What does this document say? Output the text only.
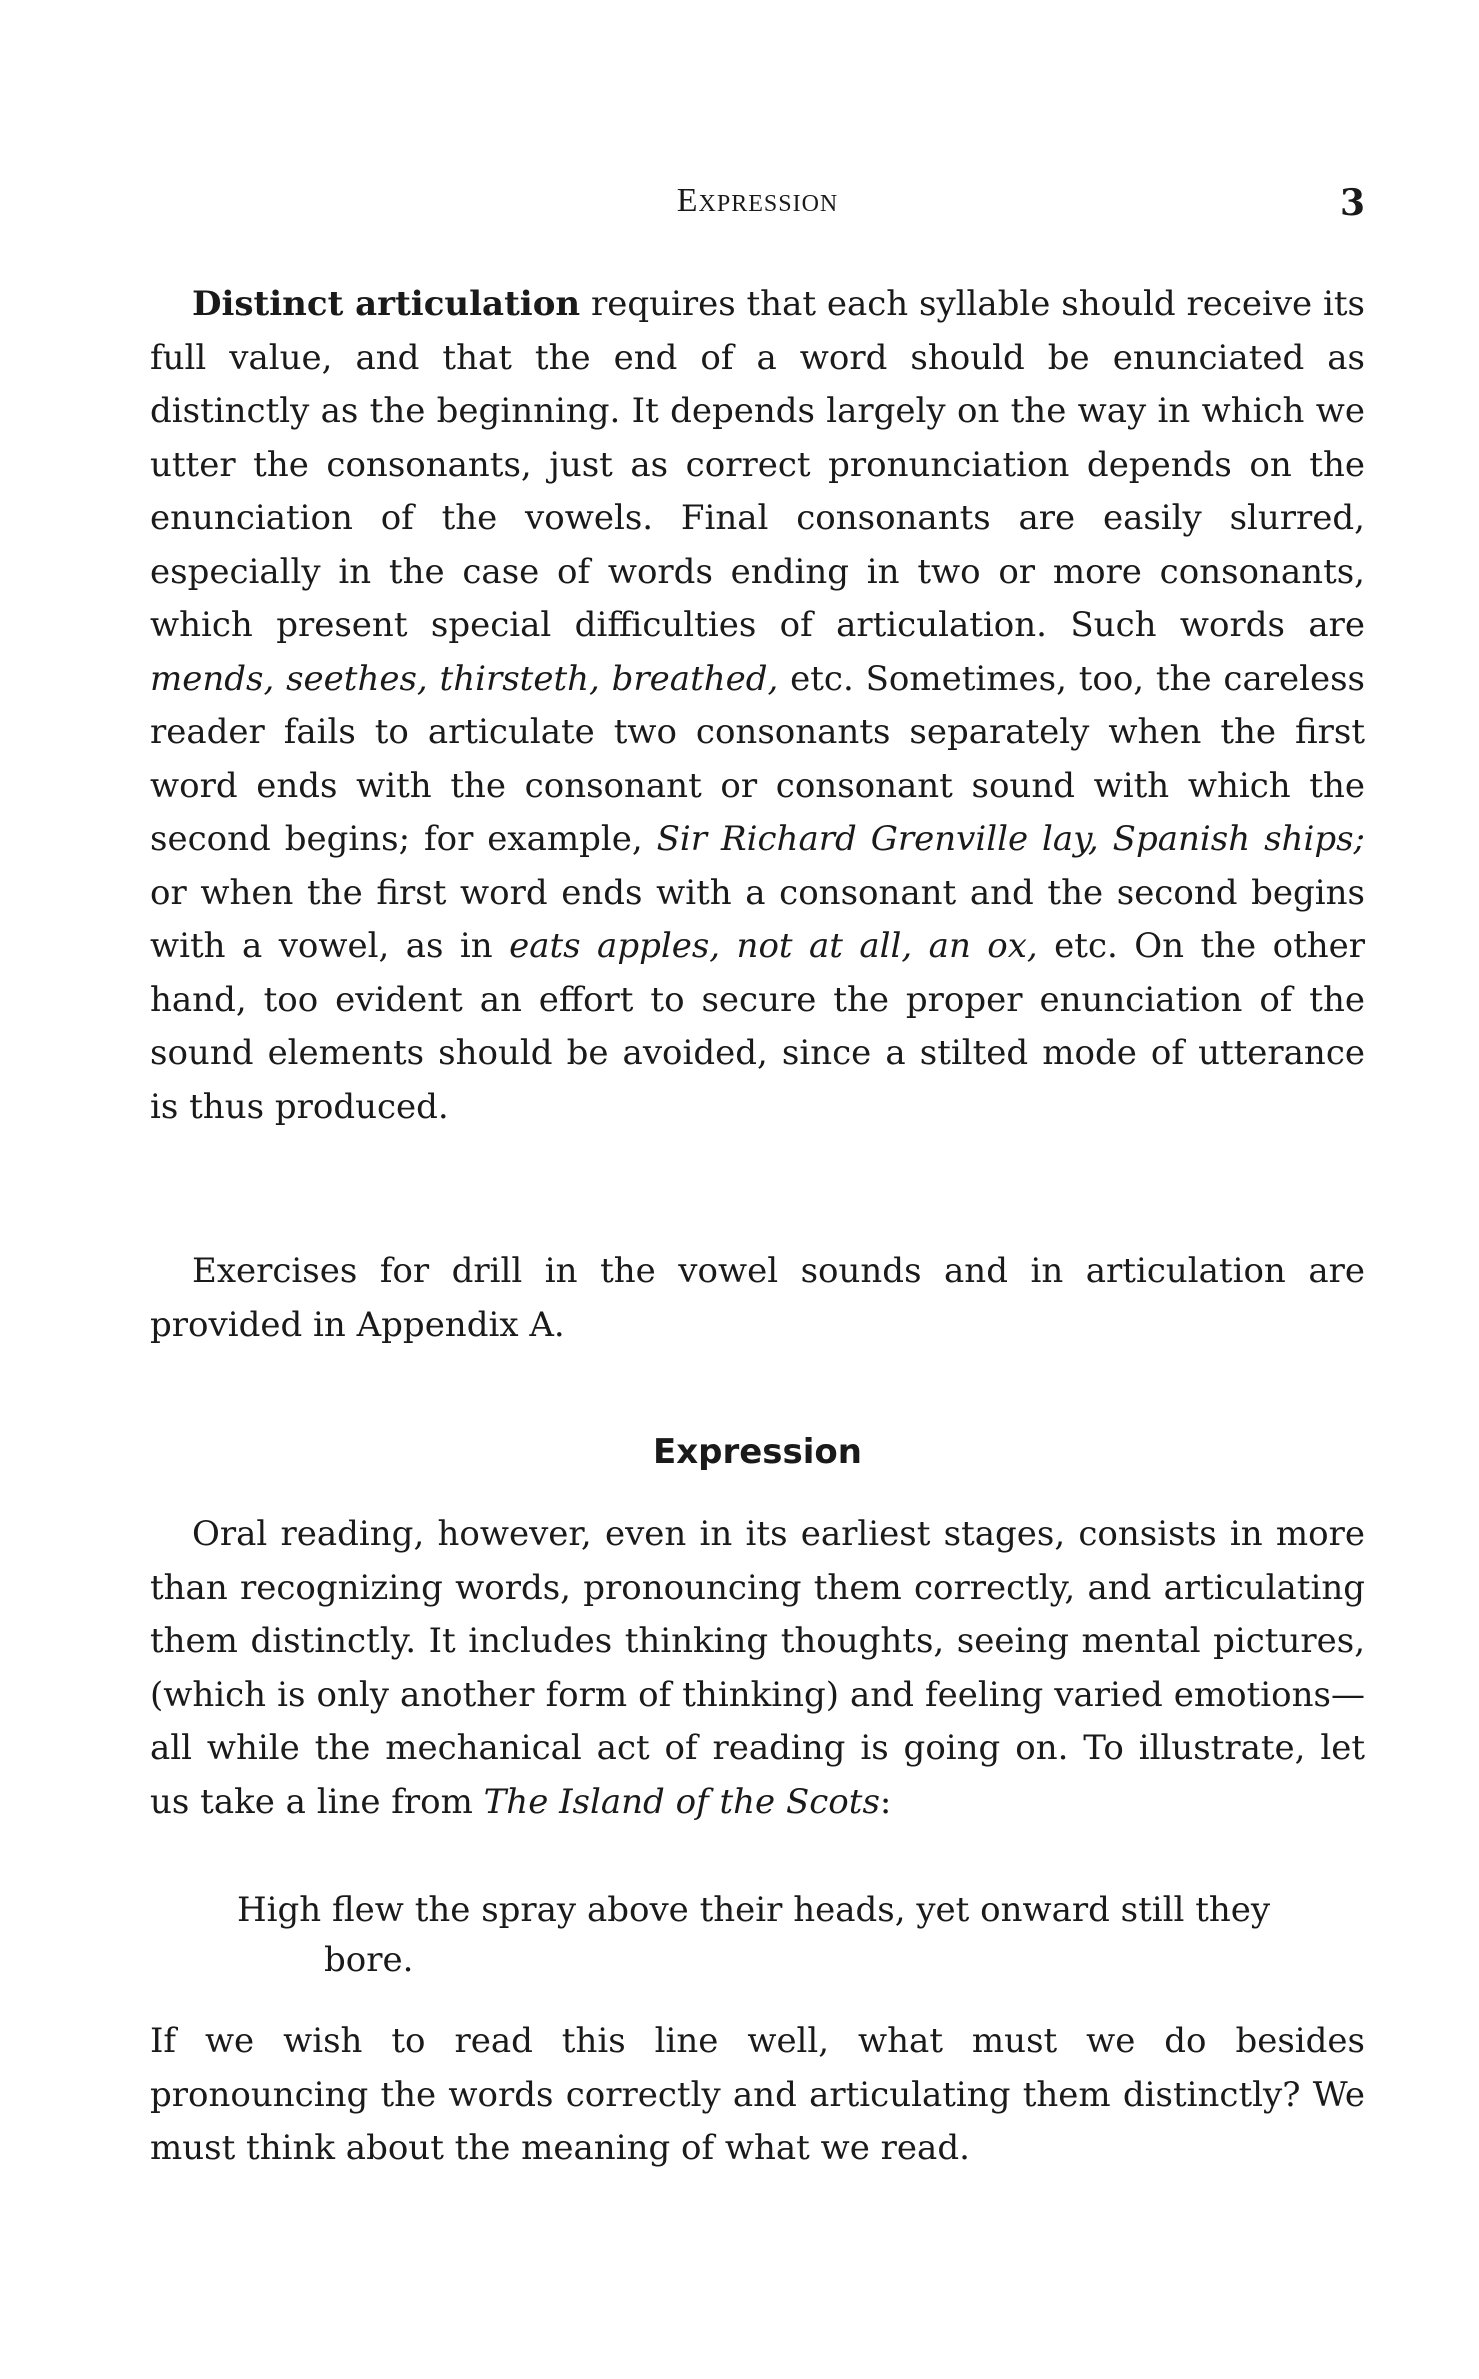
Expression	3

Distinct articulation requires that each syllable should receive its full value, and that the end of a word should be enunciated as distinctly as the beginning. It depends largely on the way in which we utter the consonants, just as correct pronunciation depends on the enunciation of the vowels. Final consonants are easily slurred, especially in the case of words ending in two or more consonants, which present special difficulties of articulation. Such words are mends, seethes, thirsteth, breathed, etc. Sometimes, too, the careless reader fails to articulate two consonants separately when the first word ends with the consonant or consonant sound with which the second begins; for example, Sir Richard Grenville lay, Spanish ships; or when the first word ends with a consonant and the second begins with a vowel, as in eats apples, not at all, an ox, etc. On the other hand, too evident an effort to secure the proper enunciation of the sound elements should be avoided, since a stilted mode of utterance is thus produced.

Exercises for drill in the vowel sounds and in articulation are provided in Appendix A.

Expression

Oral reading, however, even in its earliest stages, consists in more than recognizing words, pronouncing them correctly, and articulating them distinctly. It includes thinking thoughts, seeing mental pictures, (which is only another form of thinking) and feeling varied emotions—all while the mechanical act of reading is going on. To illustrate, let us take a line from The Island of the Scots:

High flew the spray above their heads, yet onward still they bore.

If we wish to read this line well, what must we do besides pronouncing the words correctly and articulating them distinctly? We must think about the meaning of what we read.
